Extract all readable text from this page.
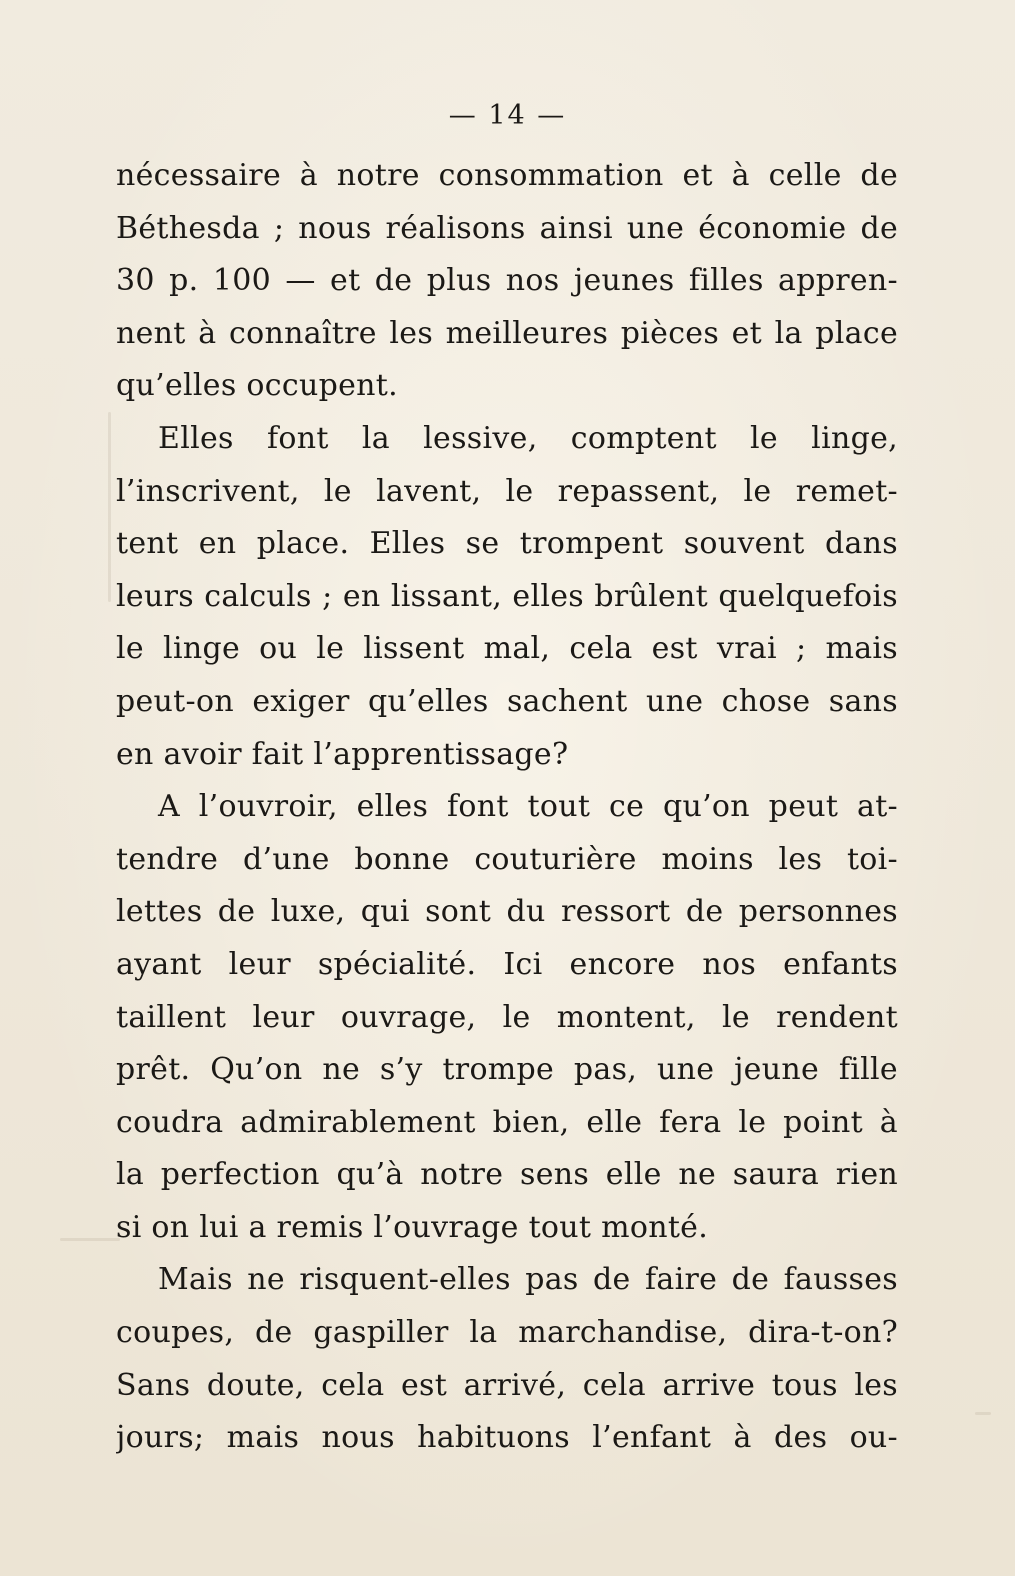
— 14 —
nécessaire à notre consommation et à celle de
Béthesda ; nous réalisons ainsi une économie de
30 p. 100 — et de plus nos jeunes filles appren-
nent à connaître les meilleures pièces et la place
qu’elles occupent.
Elles font la lessive, comptent le linge,
l’inscrivent, le lavent, le repassent, le remet-
tent en place. Elles se trompent souvent dans
leurs calculs ; en lissant, elles brûlent quelquefois
le linge ou le lissent mal, cela est vrai ; mais
peut-on exiger qu’elles sachent une chose sans
en avoir fait l’apprentissage?
A l’ouvroir, elles font tout ce qu’on peut at-
tendre d’une bonne couturière moins les toi-
lettes de luxe, qui sont du ressort de personnes
ayant leur spécialité. Ici encore nos enfants
taillent leur ouvrage, le montent, le rendent
prêt. Qu’on ne s’y trompe pas, une jeune fille
coudra admirablement bien, elle fera le point à
la perfection qu’à notre sens elle ne saura rien
si on lui a remis l’ouvrage tout monté.
Mais ne risquent-elles pas de faire de fausses
coupes, de gaspiller la marchandise, dira-t-on?
Sans doute, cela est arrivé, cela arrive tous les
jours; mais nous habituons l’enfant à des ou-
